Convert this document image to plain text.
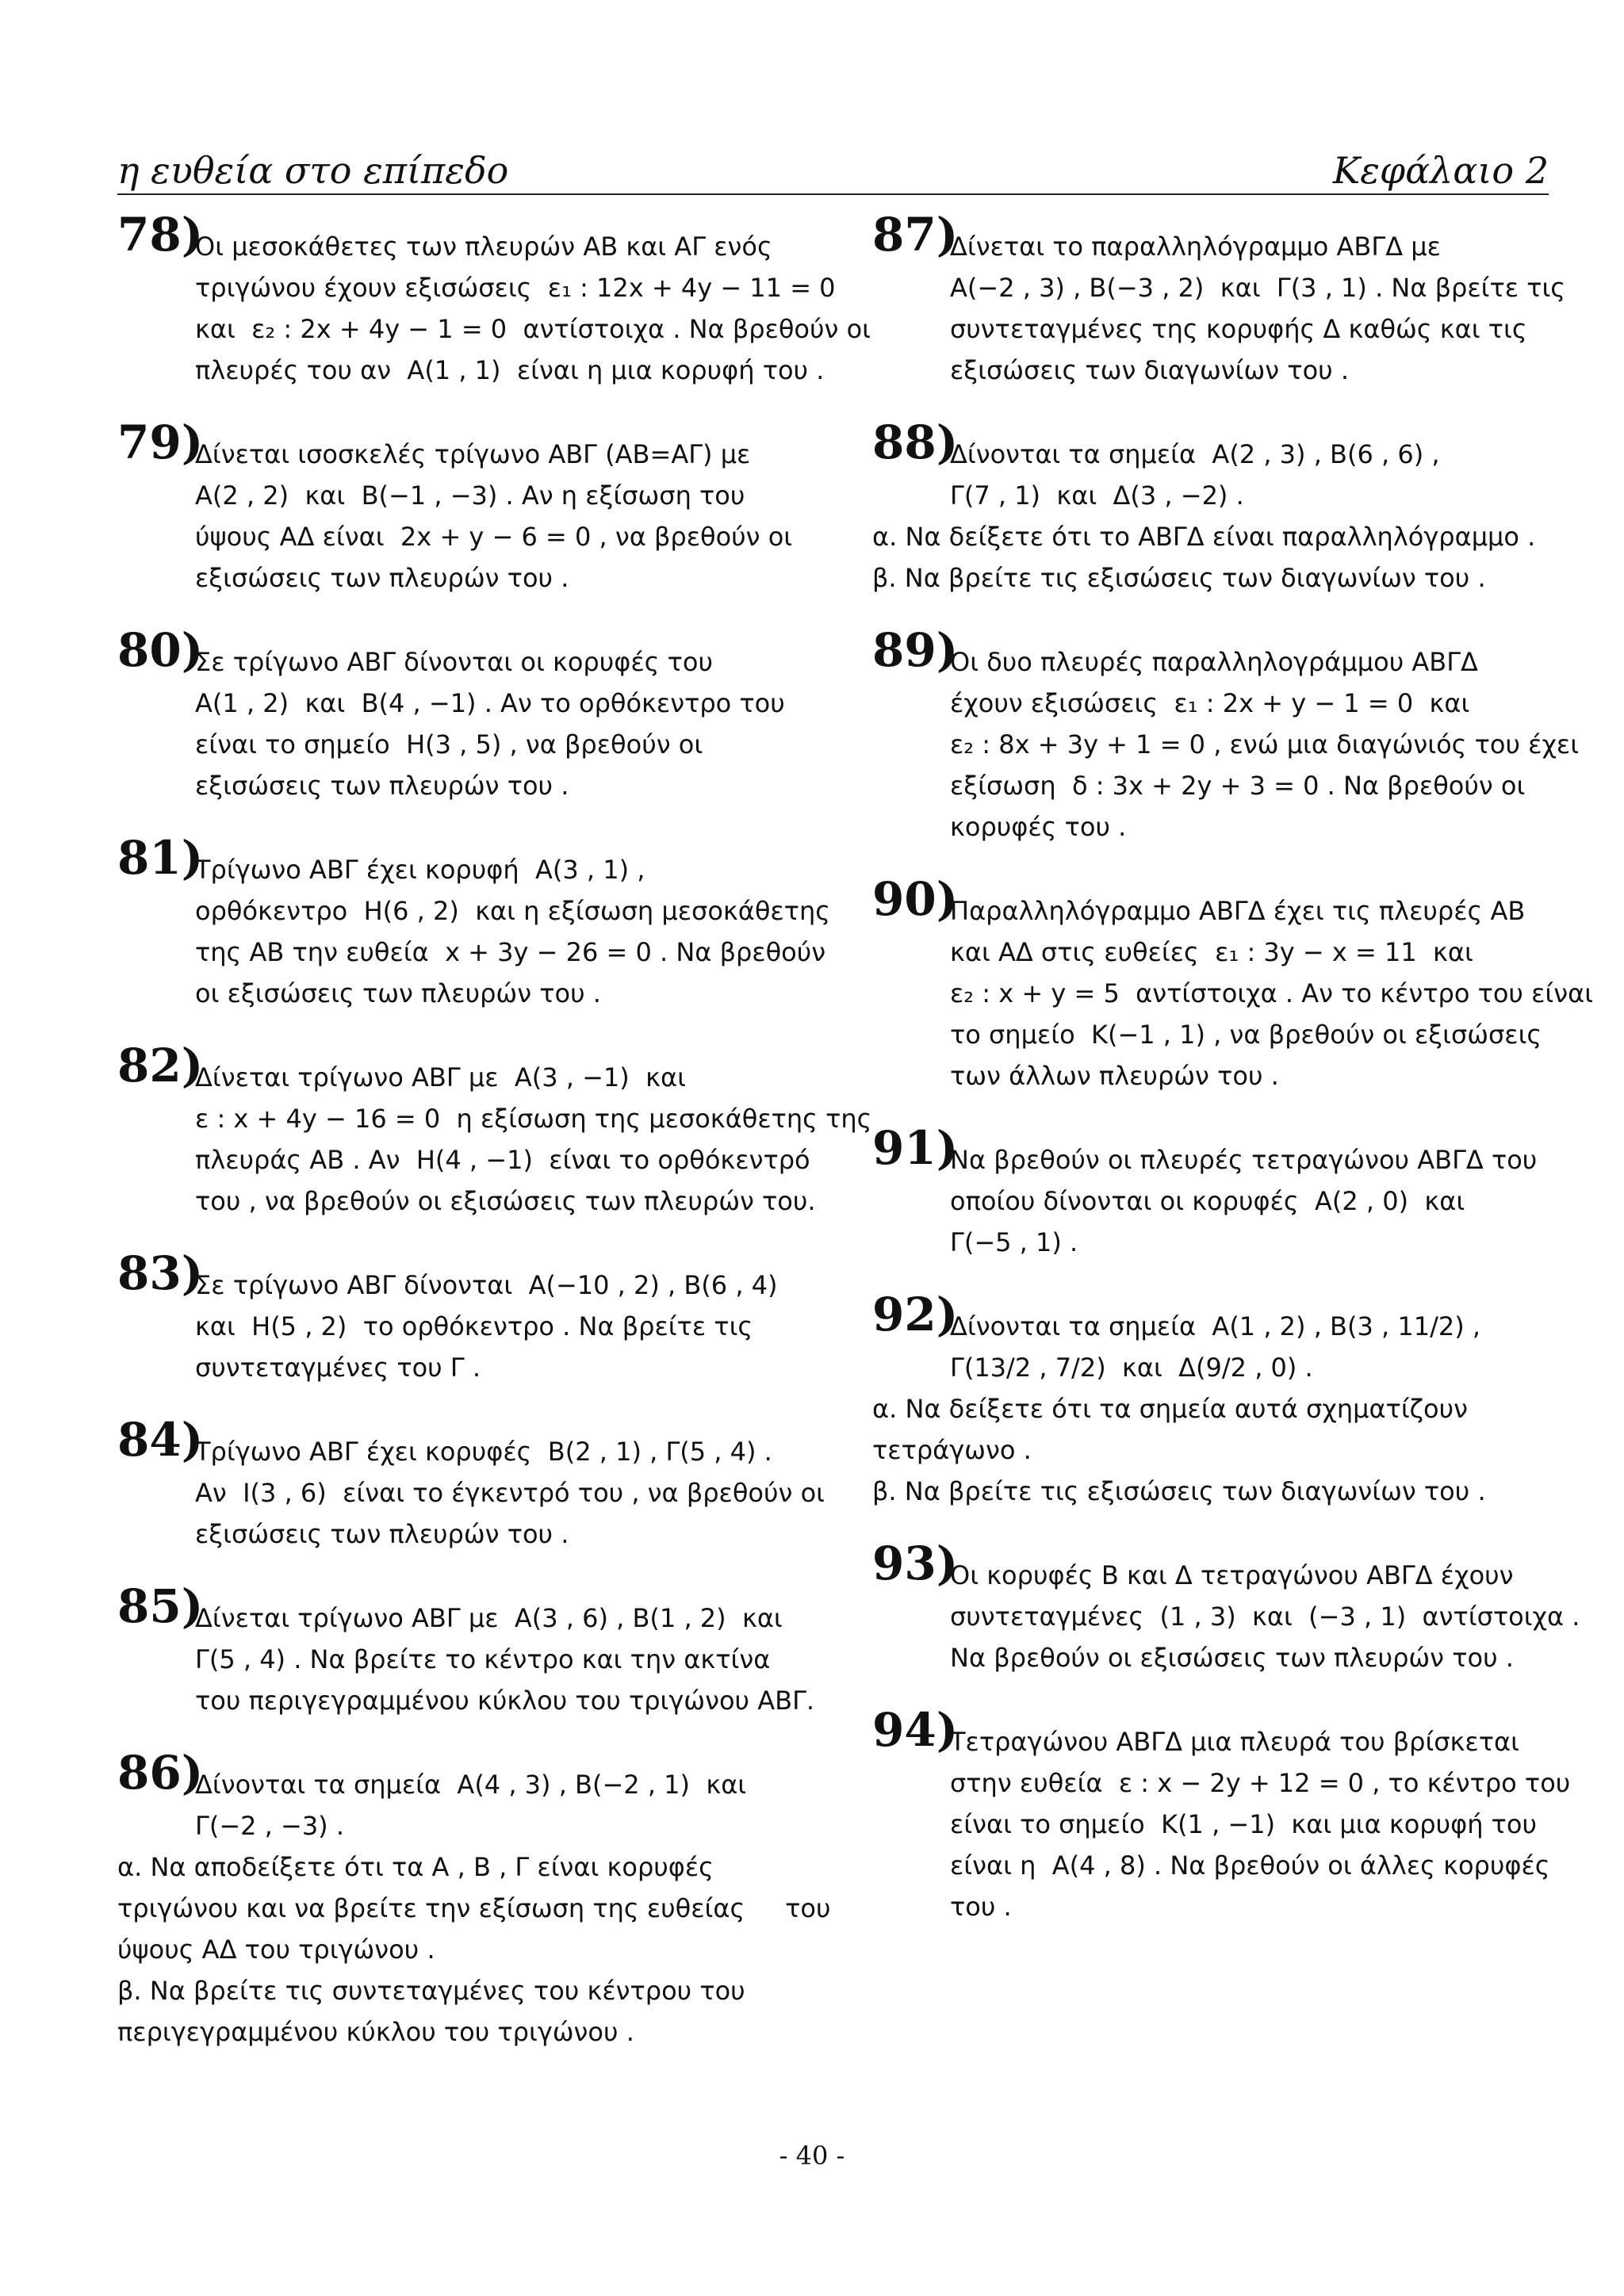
η ευθεία στο επίπεδο	Κεφάλαιο 2
78)
Οι μεσοκάθετες των πλευρών ΑΒ και ΑΓ ενός
τριγώνου έχουν εξισώσεις  ε₁ : 12x + 4y − 11 = 0
και  ε₂ : 2x + 4y − 1 = 0  αντίστοιχα . Να βρεθούν οι
πλευρές του αν  Α(1 , 1)  είναι η μια κορυφή του .
79)
Δίνεται ισοσκελές τρίγωνο ΑΒΓ (ΑΒ=ΑΓ) με
Α(2 , 2)  και  Β(−1 , −3) . Αν η εξίσωση του
ύψους ΑΔ είναι  2x + y − 6 = 0 , να βρεθούν οι
εξισώσεις των πλευρών του .
80)
Σε τρίγωνο ΑΒΓ δίνονται οι κορυφές του
Α(1 , 2)  και  Β(4 , −1) . Αν το ορθόκεντρο του
είναι το σημείο  Η(3 , 5) , να βρεθούν οι
εξισώσεις των πλευρών του .
81)
Τρίγωνο ΑΒΓ έχει κορυφή  Α(3 , 1) ,
ορθόκεντρο  Η(6 , 2)  και η εξίσωση μεσοκάθετης
της ΑΒ την ευθεία  x + 3y − 26 = 0 . Να βρεθούν
οι εξισώσεις των πλευρών του .
82)
Δίνεται τρίγωνο ΑΒΓ με  Α(3 , −1)  και
ε : x + 4y − 16 = 0  η εξίσωση της μεσοκάθετης της
πλευράς ΑΒ . Αν  Η(4 , −1)  είναι το ορθόκεντρό
του , να βρεθούν οι εξισώσεις των πλευρών του.
83)
Σε τρίγωνο ΑΒΓ δίνονται  Α(−10 , 2) , Β(6 , 4)
και  Η(5 , 2)  το ορθόκεντρο . Να βρείτε τις
συντεταγμένες του Γ .
84)
Τρίγωνο ΑΒΓ έχει κορυφές  Β(2 , 1) , Γ(5 , 4) .
Αν  Ι(3 , 6)  είναι το έγκεντρό του , να βρεθούν οι
εξισώσεις των πλευρών του .
85)
Δίνεται τρίγωνο ΑΒΓ με  Α(3 , 6) , Β(1 , 2)  και
Γ(5 , 4) . Να βρείτε το κέντρο και την ακτίνα
του περιγεγραμμένου κύκλου του τριγώνου ΑΒΓ.
86)
Δίνονται τα σημεία  Α(4 , 3) , Β(−2 , 1)  και
Γ(−2 , −3) .
α. Να αποδείξετε ότι τα Α , Β , Γ είναι κορυφές
τριγώνου και να βρείτε την εξίσωση της ευθείας     του
ύψους ΑΔ του τριγώνου .
β. Να βρείτε τις συντεταγμένες του κέντρου του
περιγεγραμμένου κύκλου του τριγώνου .
87)
Δίνεται το παραλληλόγραμμο ΑΒΓΔ με
Α(−2 , 3) , Β(−3 , 2)  και  Γ(3 , 1) . Να βρείτε τις
συντεταγμένες της κορυφής Δ καθώς και τις
εξισώσεις των διαγωνίων του .
88)
Δίνονται τα σημεία  Α(2 , 3) , Β(6 , 6) ,
Γ(7 , 1)  και  Δ(3 , −2) .
α. Να δείξετε ότι το ΑΒΓΔ είναι παραλληλόγραμμο .
β. Να βρείτε τις εξισώσεις των διαγωνίων του .
89)
Οι δυο πλευρές παραλληλογράμμου ΑΒΓΔ
έχουν εξισώσεις  ε₁ : 2x + y − 1 = 0  και
ε₂ : 8x + 3y + 1 = 0 , ενώ μια διαγώνιός του έχει
εξίσωση  δ : 3x + 2y + 3 = 0 . Να βρεθούν οι
κορυφές του .
90)
Παραλληλόγραμμο ΑΒΓΔ έχει τις πλευρές ΑΒ
και ΑΔ στις ευθείες  ε₁ : 3y − x = 11  και
ε₂ : x + y = 5  αντίστοιχα . Αν το κέντρο του είναι
το σημείο  Κ(−1 , 1) , να βρεθούν οι εξισώσεις
των άλλων πλευρών του .
91)
Να βρεθούν οι πλευρές τετραγώνου ΑΒΓΔ του
οποίου δίνονται οι κορυφές  Α(2 , 0)  και
Γ(−5 , 1) .
92)
Δίνονται τα σημεία  Α(1 , 2) , Β(3 , 11/2) ,
Γ(13/2 , 7/2)  και  Δ(9/2 , 0) .
α. Να δείξετε ότι τα σημεία αυτά σχηματίζουν
τετράγωνο .
β. Να βρείτε τις εξισώσεις των διαγωνίων του .
93)
Οι κορυφές Β και Δ τετραγώνου ΑΒΓΔ έχουν
συντεταγμένες  (1 , 3)  και  (−3 , 1)  αντίστοιχα .
Να βρεθούν οι εξισώσεις των πλευρών του .
94)
Τετραγώνου ΑΒΓΔ μια πλευρά του βρίσκεται
στην ευθεία  ε : x − 2y + 12 = 0 , το κέντρο του
είναι το σημείο  Κ(1 , −1)  και μια κορυφή του
είναι η  Α(4 , 8) . Να βρεθούν οι άλλες κορυφές
του .
- 40 -
